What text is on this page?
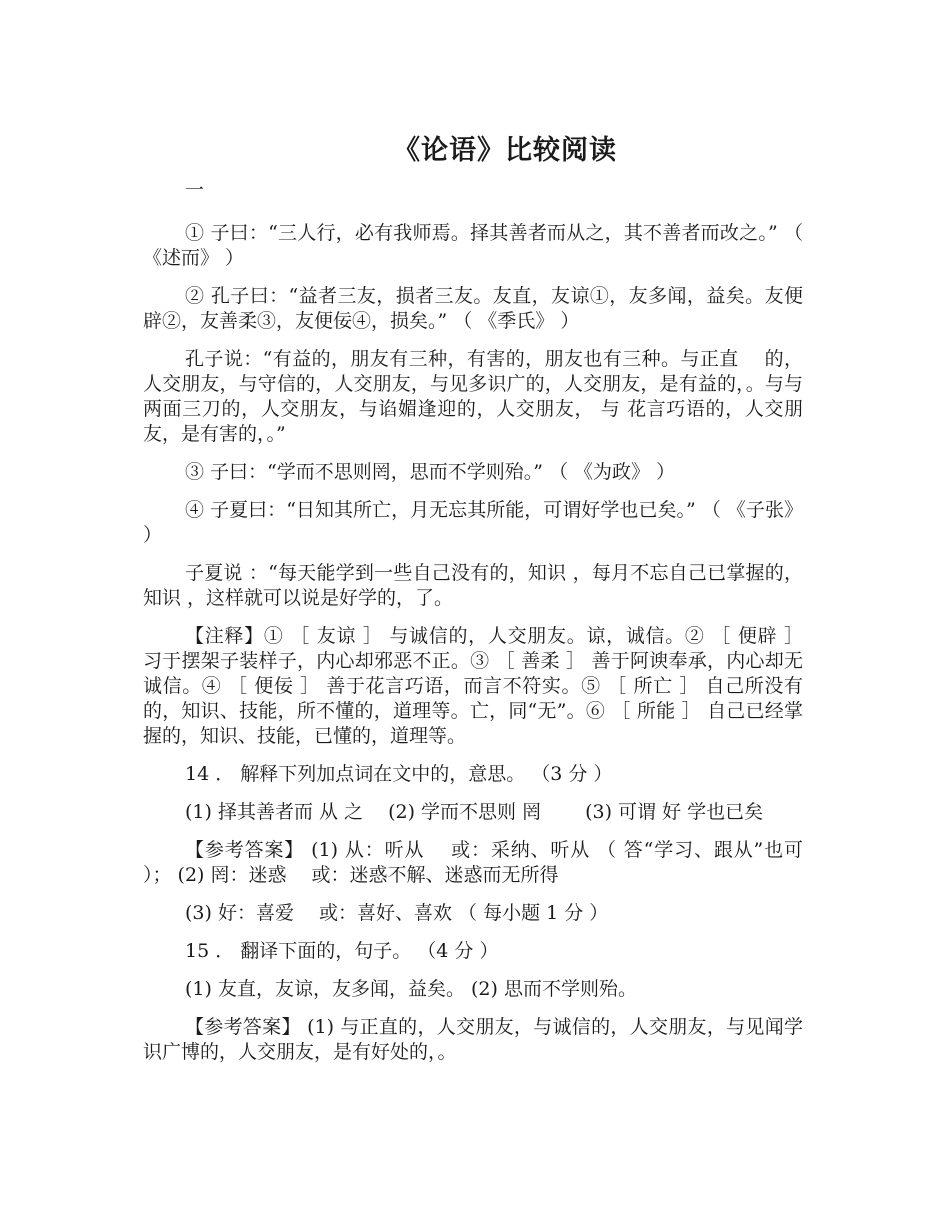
《论语》比较阅读

一

① 子曰：“三人行，必有我师焉。择其善者而从之，其不善者而改之。” （ 《述而》 ）

② 孔子曰：“益者三友，损者三友。友直，友谅①，友多闻，益矣。友便辟②，友善柔③，友便佞④，损矣。” （ 《季氏》 ）

孔子说：“有益的，朋友有三种，有害的，朋友也有三种。与正直　 的，人交朋友，与守信的，人交朋友，与见多识广的，人交朋友，是有益的，。与与两面三刀的，人交朋友，与谄媚逢迎的，人交朋友， 与 花言巧语的，人交朋友，是有害的，。”

③ 子曰：“学而不思则罔，思而不学则殆。” （ 《为政》 ）

④ 子夏曰：“日知其所亡，月无忘其所能，可谓好学也已矣。” （ 《子张》 ）

子夏说 ：“每天能学到一些自己没有的，知识 ，每月不忘自己已掌握的，知识 ，这样就可以说是好学的，了。

【注释】① ［ 友谅 ］ 与诚信的，人交朋友。谅，诚信。② ［ 便辟 ］ 习于摆架子装样子，内心却邪恶不正。③ ［ 善柔 ］ 善于阿谀奉承，内心却无诚信。④ ［ 便佞 ］ 善于花言巧语，而言不符实。⑤ ［ 所亡 ］ 自己所没有的，知识、技能，所不懂的，道理等。亡，同“无”。⑥ ［ 所能 ］ 自己已经掌握的，知识、技能，已懂的，道理等。

14 ． 解释下列加点词在文中的，意思。 （3 分 ）

(1) 择其善者而 从 之　 (2) 学而不思则 罔　　 (3) 可谓 好 学也已矣

【参考答案】 (1) 从：听从　 或：采纳、听从 （ 答“学习、跟从”也可 ）； (2) 罔：迷惑　 或：迷惑不解、迷惑而无所得

(3) 好：喜爱　 或：喜好、喜欢 （ 每小题 1 分 ）

15 ． 翻译下面的，句子。 （4 分 ）

(1) 友直，友谅，友多闻，益矣。 (2) 思而不学则殆。

【参考答案】 (1) 与正直的，人交朋友，与诚信的，人交朋友，与见闻学识广博的，人交朋友，是有好处的，。
